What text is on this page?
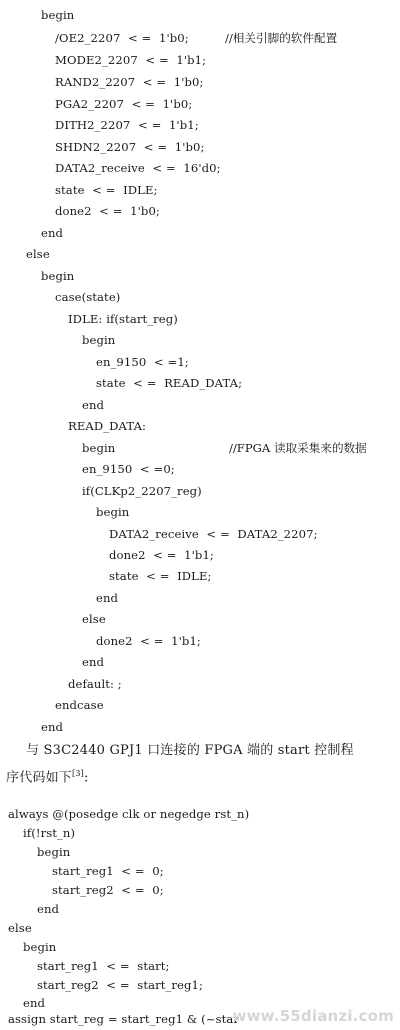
begin
/OE2_2207  < =  1'b0;	//相关引脚的软件配置
MODE2_2207  < =  1'b1;
RAND2_2207  < =  1'b0;
PGA2_2207  < =  1'b0;
DITH2_2207  < =  1'b1;
SHDN2_2207  < =  1'b0;
DATA2_receive  < =  16'd0;
state  < =  IDLE;
done2  < =  1'b0;
end
else
begin
case(state)
IDLE: if(start_reg)
begin
en_9150  < =1;
state  < =  READ_DATA;
end
READ_DATA:
begin	//FPGA 读取采集来的数据
en_9150  < =0;
if(CLKp2_2207_reg)
begin
DATA2_receive  < =  DATA2_2207;
done2  < =  1'b1;
state  < =  IDLE;
end
else
done2  < =  1'b1;
end
default: ;
endcase
end
与 S3C2440 GPJ1 口连接的 FPGA 端的 start 控制程
序代码如下[3]:
always @(posedge clk or negedge rst_n)
if(!rst_n)
begin
start_reg1  < =  0;
start_reg2  < =  0;
end
else
begin
start_reg1  < =  start;
start_reg2  < =  start_reg1;
end
assign start_reg = start_reg1 & (~star
www.55dianzi.com
